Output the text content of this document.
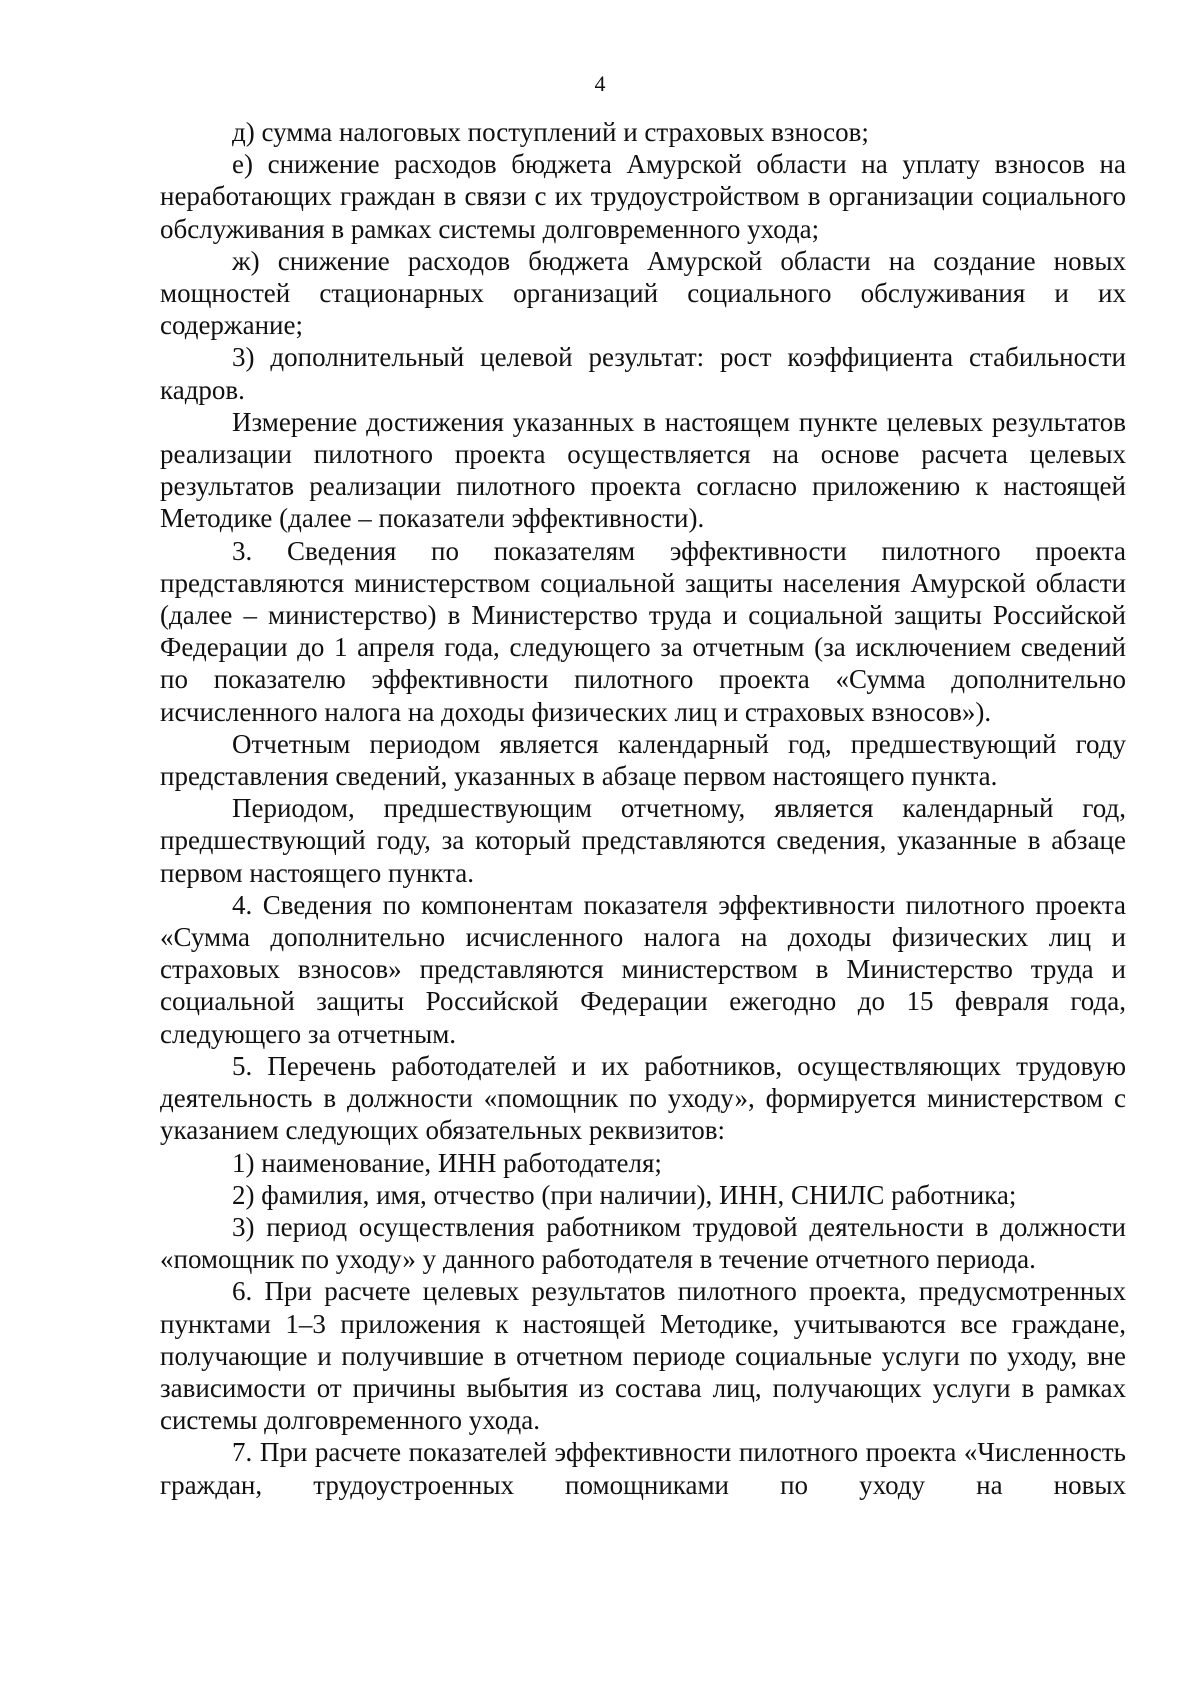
4

д) сумма налоговых поступлений и страховых взносов;

е) снижение расходов бюджета Амурской области на уплату взносов на неработающих граждан в связи с их трудоустройством в организации социального обслуживания в рамках системы долговременного ухода;

ж) снижение расходов бюджета Амурской области на создание новых мощностей стационарных организаций социального обслуживания и их содержание;

3) дополнительный целевой результат: рост коэффициента стабильности кадров.

Измерение достижения указанных в настоящем пункте целевых результатов реализации пилотного проекта осуществляется на основе расчета целевых результатов реализации пилотного проекта согласно приложению к настоящей Методике (далее – показатели эффективности).

3. Сведения по показателям эффективности пилотного проекта представляются министерством социальной защиты населения Амурской области (далее – министерство) в Министерство труда и социальной защиты Российской Федерации до 1 апреля года, следующего за отчетным (за исключением сведений по показателю эффективности пилотного проекта «Сумма дополнительно исчисленного налога на доходы физических лиц и страховых взносов»).

Отчетным периодом является календарный год, предшествующий году представления сведений, указанных в абзаце первом настоящего пункта.

Периодом, предшествующим отчетному, является календарный год, предшествующий году, за который представляются сведения, указанные в абзаце первом настоящего пункта.

4. Сведения по компонентам показателя эффективности пилотного проекта «Сумма дополнительно исчисленного налога на доходы физических лиц и страховых взносов» представляются министерством в Министерство труда и социальной защиты Российской Федерации ежегодно до 15 февраля года, следующего за отчетным.

5. Перечень работодателей и их работников, осуществляющих трудовую деятельность в должности «помощник по уходу», формируется министерством с указанием следующих обязательных реквизитов:

1) наименование, ИНН работодателя;

2) фамилия, имя, отчество (при наличии), ИНН, СНИЛС работника;

3) период осуществления работником трудовой деятельности в должности «помощник по уходу» у данного работодателя в течение отчетного периода.

6. При расчете целевых результатов пилотного проекта, предусмотренных пунктами 1–3 приложения к настоящей Методике, учитываются все граждане, получающие и получившие в отчетном периоде социальные услуги по уходу, вне зависимости от причины выбытия из состава лиц, получающих услуги в рамках системы долговременного ухода.

7. При расчете показателей эффективности пилотного проекта «Численность граждан, трудоустроенных помощниками по уходу на новых
